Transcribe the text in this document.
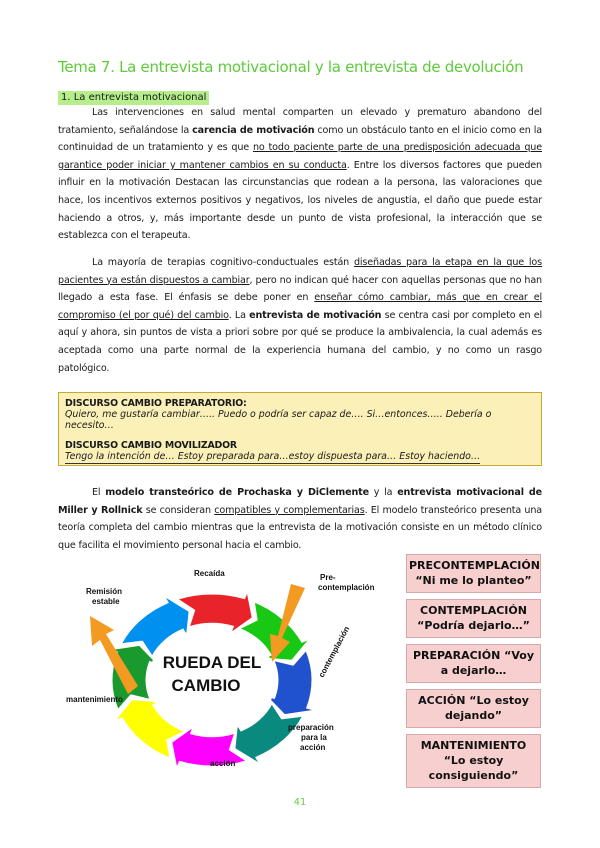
Tema 7. La entrevista motivacional y la entrevista de devolución
1. La entrevista motivacional
Las intervenciones en salud mental comparten un elevado y prematuro abandono del tratamiento, señalándose la carencia de motivación como un obstáculo tanto en el inicio como en la continuidad de un tratamiento y es que no todo paciente parte de una predisposición adecuada que garantice poder iniciar y mantener cambios en su conducta. Entre los diversos factores que pueden influir en la motivación Destacan las circunstancias que rodean a la persona, las valoraciones que hace, los incentivos externos positivos y negativos, los niveles de angustia, el daño que puede estar haciendo a otros, y, más importante desde un punto de vista profesional, la interacción que se establezca con el terapeuta.
La mayoría de terapias cognitivo-conductuales están diseñadas para la etapa en la que los pacientes ya están dispuestos a cambiar, pero no indican qué hacer con aquellas personas que no han llegado a esta fase. El énfasis se debe poner en enseñar cómo cambiar, más que en crear el compromiso (el por qué) del cambio. La entrevista de motivación se centra casi por completo en el aquí y ahora, sin puntos de vista a priori sobre por qué se produce la ambivalencia, la cual además es aceptada como una parte normal de la experiencia humana del cambio, y no como un rasgo patológico.
DISCURSO CAMBIO PREPARATORIO:
Quiero, me gustaría cambiar….. Puedo o podría ser capaz de…. Si…entonces….. Debería o necesito…
DISCURSO CAMBIO MOVILIZADOR
Tengo la intención de… Estoy preparada para…estoy dispuesta para… Estoy haciendo…
El modelo transteórico de Prochaska y DiClemente y la entrevista motivacional de Miller y Rollnick se consideran compatibles y complementarias. El modelo transteórico presenta una teoría completa del cambio mientras que la entrevista de la motivación consiste en un método clínico que facilita el movimiento personal hacia el cambio.
RUEDA DEL
CAMBIO
Recaída	Pre-
contemplación
contemplación
preparación
para la
acción
acción
mantenimiento
Remisión
estable
PRECONTEMPLACIÓN
“Ni me lo planteo”
CONTEMPLACIÓN
“Podría dejarlo…”
PREPARACIÓN “Voy
a dejarlo…
ACCIÓN “Lo estoy
dejando”
MANTENIMIENTO
“Lo estoy consiguiendo”
41
